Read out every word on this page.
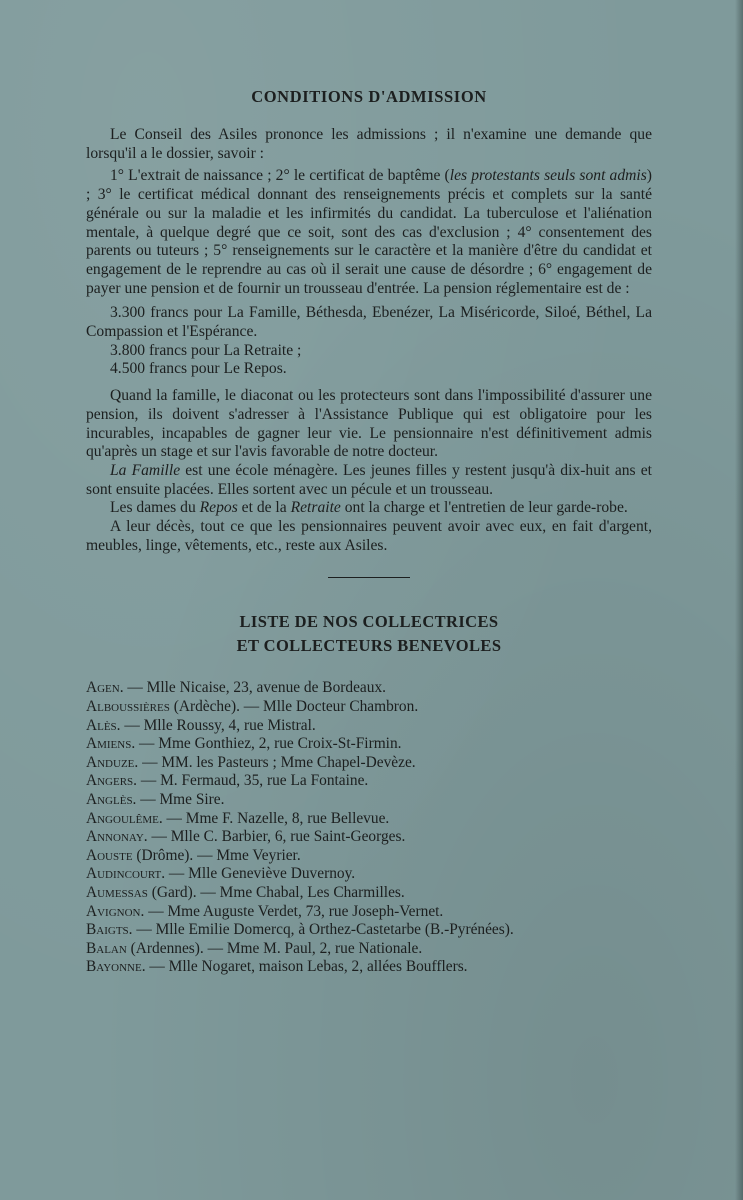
CONDITIONS D'ADMISSION

Le Conseil des Asiles prononce les admissions ; il n'examine une demande que lorsqu'il a le dossier, savoir :

1° L'extrait de naissance ; 2° le certificat de baptême (les protestants seuls sont admis) ; 3° le certificat médical donnant des renseignements précis et complets sur la santé générale ou sur la maladie et les infirmités du candidat. La tuberculose et l'aliénation mentale, à quelque degré que ce soit, sont des cas d'exclusion ; 4° consentement des parents ou tuteurs ; 5° renseignements sur le caractère et la manière d'être du candidat et engagement de le reprendre au cas où il serait une cause de désordre ; 6° engagement de payer une pension et de fournir un trousseau d'entrée. La pension réglementaire est de :

3.300 francs pour La Famille, Béthesda, Ebenézer, La Miséricorde, Siloé, Béthel, La Compassion et l'Espérance.

3.800 francs pour La Retraite ;

4.500 francs pour Le Repos.

Quand la famille, le diaconat ou les protecteurs sont dans l'impossibilité d'assurer une pension, ils doivent s'adresser à l'Assistance Publique qui est obligatoire pour les incurables, incapables de gagner leur vie. Le pensionnaire n'est définitivement admis qu'après un stage et sur l'avis favorable de notre docteur.

La Famille est une école ménagère. Les jeunes filles y restent jusqu'à dix-huit ans et sont ensuite placées. Elles sortent avec un pécule et un trousseau.

Les dames du Repos et de la Retraite ont la charge et l'entretien de leur garde-robe.

A leur décès, tout ce que les pensionnaires peuvent avoir avec eux, en fait d'argent, meubles, linge, vêtements, etc., reste aux Asiles.

LISTE DE NOS COLLECTRICES
ET COLLECTEURS BENEVOLES
Agen. — Mlle Nicaise, 23, avenue de Bordeaux.
Alboussières (Ardèche). — Mlle Docteur Chambron.
Alès. — Mlle Roussy, 4, rue Mistral.
Amiens. — Mme Gonthiez, 2, rue Croix-St-Firmin.
Anduze. — MM. les Pasteurs ; Mme Chapel-Devèze.
Angers. — M. Fermaud, 35, rue La Fontaine.
Anglès. — Mme Sire.
Angoulême. — Mme F. Nazelle, 8, rue Bellevue.
Annonay. — Mlle C. Barbier, 6, rue Saint-Georges.
Aouste (Drôme). — Mme Veyrier.
Audincourt. — Mlle Geneviève Duvernoy.
Aumessas (Gard). — Mme Chabal, Les Charmilles.
Avignon. — Mme Auguste Verdet, 73, rue Joseph-Vernet.
Baigts. — Mlle Emilie Domercq, à Orthez-Castetarbe (B.-Pyrénées).
Balan (Ardennes). — Mme M. Paul, 2, rue Nationale.
Bayonne. — Mlle Nogaret, maison Lebas, 2, allées Boufflers.
